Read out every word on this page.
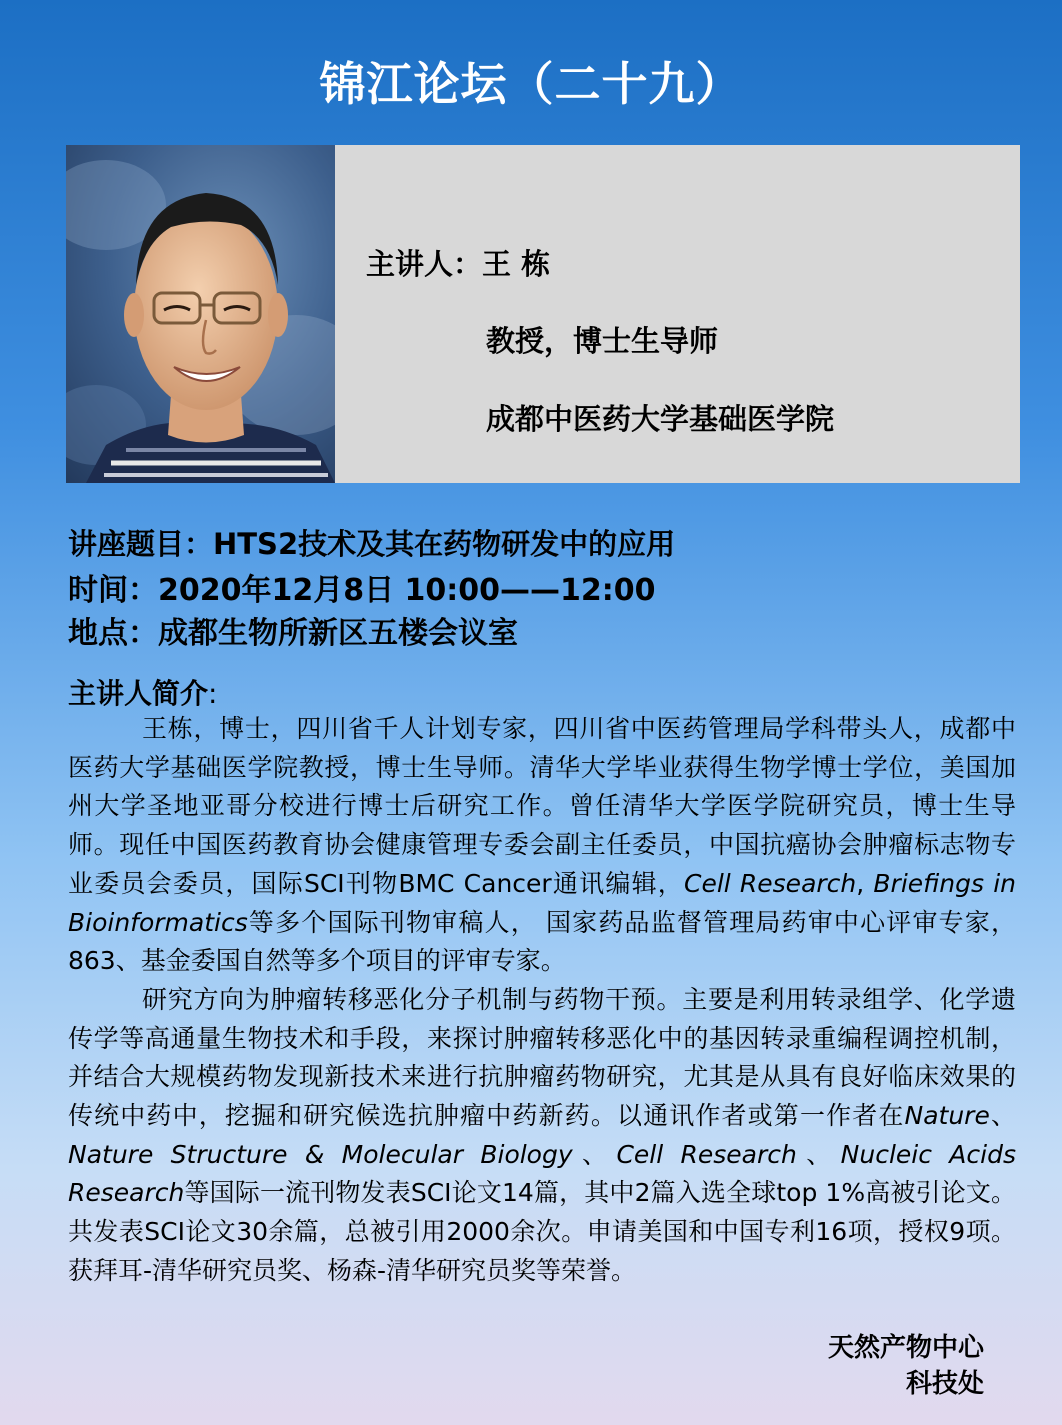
锦江论坛（二十九）
主讲人：王 栋
教授，博士生导师
成都中医药大学基础医学院
讲座题目：HTS2技术及其在药物研发中的应用
时间：2020年12月8日 10:00——12:00
地点：成都生物所新区五楼会议室
主讲人简介:

王栋，博士，四川省千人计划专家，四川省中医药管理局学科带头人，成都中医药大学基础医学院教授，博士生导师。清华大学毕业获得生物学博士学位，美国加州大学圣地亚哥分校进行博士后研究工作。曾任清华大学医学院研究员，博士生导师。现任中国医药教育协会健康管理专委会副主任委员，中国抗癌协会肿瘤标志物专业委员会委员，国际SCI刊物BMC Cancer通讯编辑，Cell Research, Briefings in Bioinformatics等多个国际刊物审稿人， 国家药品监督管理局药审中心评审专家，863、基金委国自然等多个项目的评审专家。

研究方向为肿瘤转移恶化分子机制与药物干预。主要是利用转录组学、化学遗传学等高通量生物技术和手段，来探讨肿瘤转移恶化中的基因转录重编程调控机制，并结合大规模药物发现新技术来进行抗肿瘤药物研究，尤其是从具有良好临床效果的传统中药中，挖掘和研究候选抗肿瘤中药新药。以通讯作者或第一作者在Nature、Nature Structure & Molecular Biology、Cell Research、Nucleic Acids Research等国际一流刊物发表SCI论文14篇，其中2篇入选全球top 1%高被引论文。共发表SCI论文30余篇，总被引用2000余次。申请美国和中国专利16项，授权9项。获拜耳-清华研究员奖、杨森-清华研究员奖等荣誉。

天然产物中心
科技处
